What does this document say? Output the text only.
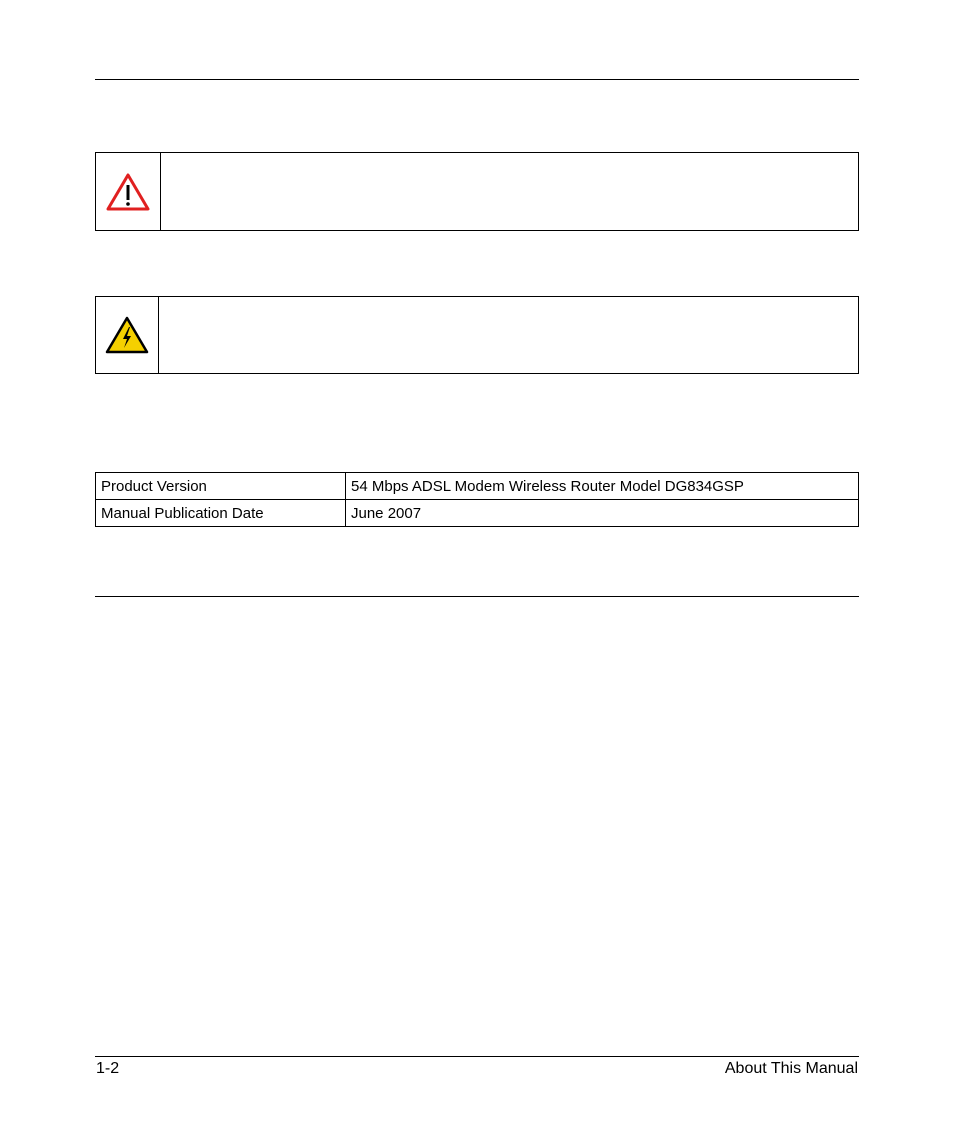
Product Version	54 Mbps ADSL Modem Wireless Router Model DG834GSP
Manual Publication Date	June 2007
1-2	About This Manual
